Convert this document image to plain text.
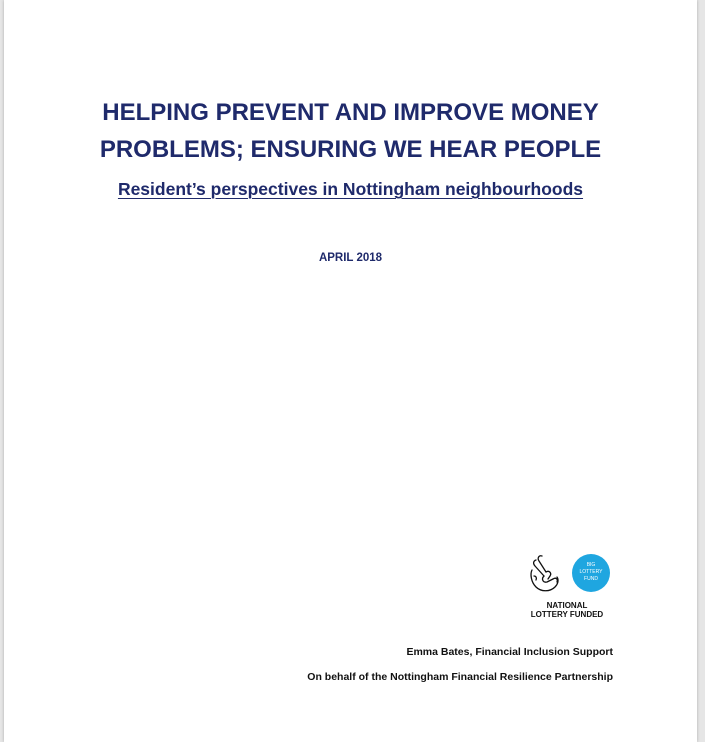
HELPING PREVENT AND IMPROVE MONEY
PROBLEMS; ENSURING WE HEAR PEOPLE
Resident’s perspectives in Nottingham neighbourhoods
APRIL 2018
BIG
LOTTERY
FUND
NATIONAL
LOTTERY FUNDED
Emma Bates, Financial Inclusion Support
On behalf of the Nottingham Financial Resilience Partnership
